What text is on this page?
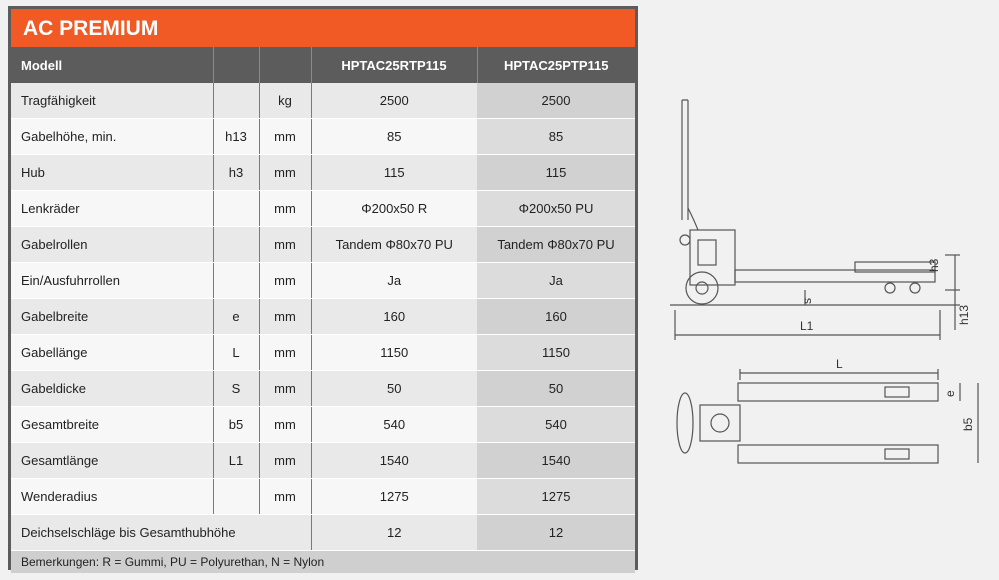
AC PREMIUM
Modell			HPTAC25RTP115	HPTAC25PTP115
Tragfähigkeit		kg	2500	2500
Gabelhöhe, min.	h13	mm	85	85
Hub	h3	mm	115	115
Lenkräder		mm	Φ200x50 R	Φ200x50 PU
Gabelrollen		mm	Tandem Φ80x70 PU	Tandem Φ80x70 PU
Ein/Ausfuhrrollen		mm	Ja	Ja
Gabelbreite	e	mm	160	160
Gabellänge	L	mm	1150	1150
Gabeldicke	S	mm	50	50
Gesamtbreite	b5	mm	540	540
Gesamtlänge	L1	mm	1540	1540
Wenderadius		mm	1275	1275
Deichselschläge bis Gesamthubhöhe			12	12
Bemerkungen: R = Gummi, PU = Polyurethan, N = Nylon				
h3
s
h13
L1
L
e
b5
